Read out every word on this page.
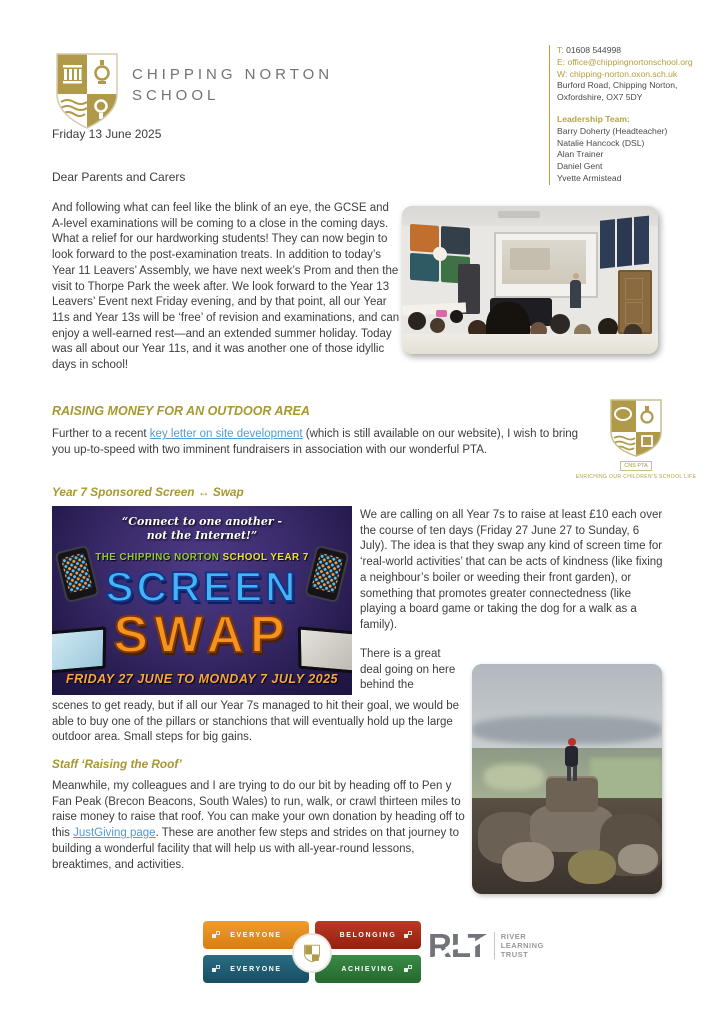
CHIPPING NORTON
SCHOOL
T: 01608 544998
E: office@chippingnortonschool.org
W: chipping-norton.oxon.sch.uk
Burford Road, Chipping Norton,
Oxfordshire, OX7 5DY
Leadership Team:
Barry Doherty (Headteacher)
Natalie Hancock (DSL)
Alan Trainer
Daniel Gent
Yvette Armistead
Friday 13 June 2025
Dear Parents and Carers
And following what can feel like the blink of an eye, the GCSE and A-level examinations will be coming to a close in the coming days. What a relief for our hardworking students! They can now begin to look forward to the post-examination treats. In addition to today’s Year 11 Leavers’ Assembly, we have next week’s Prom and then the visit to Thorpe Park the week after. We look forward to the Year 13 Leavers’ Event next Friday evening, and by that point, all our Year 11s and Year 13s will be ‘free’ of revision and examinations, and can enjoy a well-earned rest—and an extended summer holiday. Today was all about our Year 11s, and it was another one of those idyllic days in school!
RAISING MONEY FOR AN OUTDOOR AREA
Further to a recent key letter on site development (which is still available on our website), I wish to bring you up-to-speed with two imminent fundraisers in association with our wonderful PTA.
CNS PTA
ENRICHING OUR CHILDREN’S SCHOOL LIFE
Year 7 Sponsored Screen ↔ Swap
“Connect to one another -
not the Internet!”
THE CHIPPING NORTON SCHOOL YEAR 7
SCREEN
SWAP
FRIDAY 27 JUNE TO MONDAY 7 JULY 2025
We are calling on all Year 7s to raise at least £10 each over the course of ten days (Friday 27 June 27 to Sunday, 6 July). The idea is that they swap any kind of screen time for ‘real-world activities’ that can be acts of kindness (like fixing a neighbour’s boiler or weeding their front garden), or something that promotes greater connectedness (like playing a board game or taking the dog for a walk as a family).
There is a great deal going on here behind the
scenes to get ready, but if all our Year 7s managed to hit their goal, we would be able to buy one of the pillars or stanchions that will eventually hold up the large outdoor area. Small steps for big gains.
Staff ‘Raising the Roof’
Meanwhile, my colleagues and I are trying to do our bit by heading off to Pen y Fan Peak (Brecon Beacons, South Wales) to run, walk, or crawl thirteen miles to raise money to raise that roof. You can make your own donation by heading off to this JustGiving page. These are another few steps and strides on that journey to building a wonderful facility that will help us with all-year-round lessons, breaktimes, and activities.
EVERYONE	BELONGING
EVERYONE	ACHIEVING
RLT RIVER
LEARNING
TRUST
